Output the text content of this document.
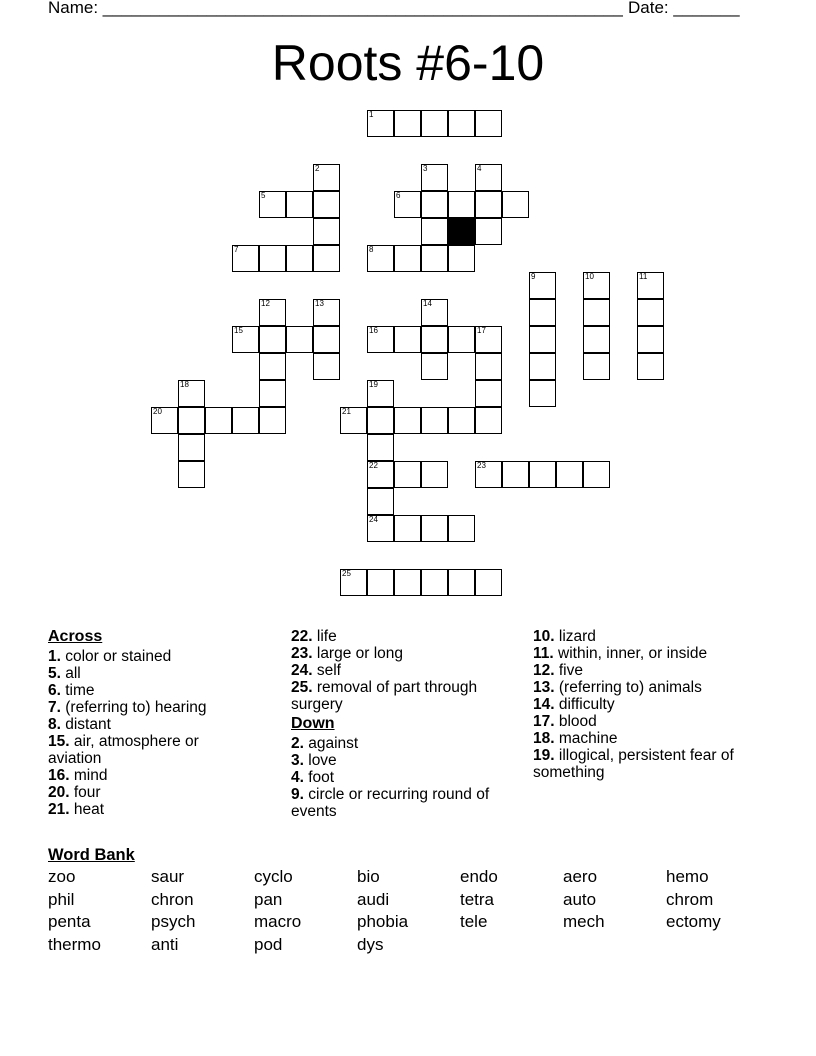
Name: _______________________________________________________ Date: _______
Roots #6-10
1
2	3	4
5	6
7	8
9	10	11
12	13	14
15	16	17
18	19
20	21
22	23
24
25
Across

1. color or stained

5. all

6. time

7. (referring to) hearing

8. distant

15. air, atmosphere or aviation

16. mind

20. four

21. heat

22. life

23. large or long

24. self

25. removal of part through surgery

Down

2. against

3. love

4. foot

9. circle or recurring round of events

10. lizard

11. within, inner, or inside

12. five

13. (referring to) animals

14. difficulty

17. blood

18. machine

19. illogical, persistent fear of something

Word Bank
zoo	saur	cyclo	bio	endo	aero	hemo
phil	chron	pan	audi	tetra	auto	chrom
penta	psych	macro	phobia	tele	mech	ectomy
thermo	anti	pod	dys
